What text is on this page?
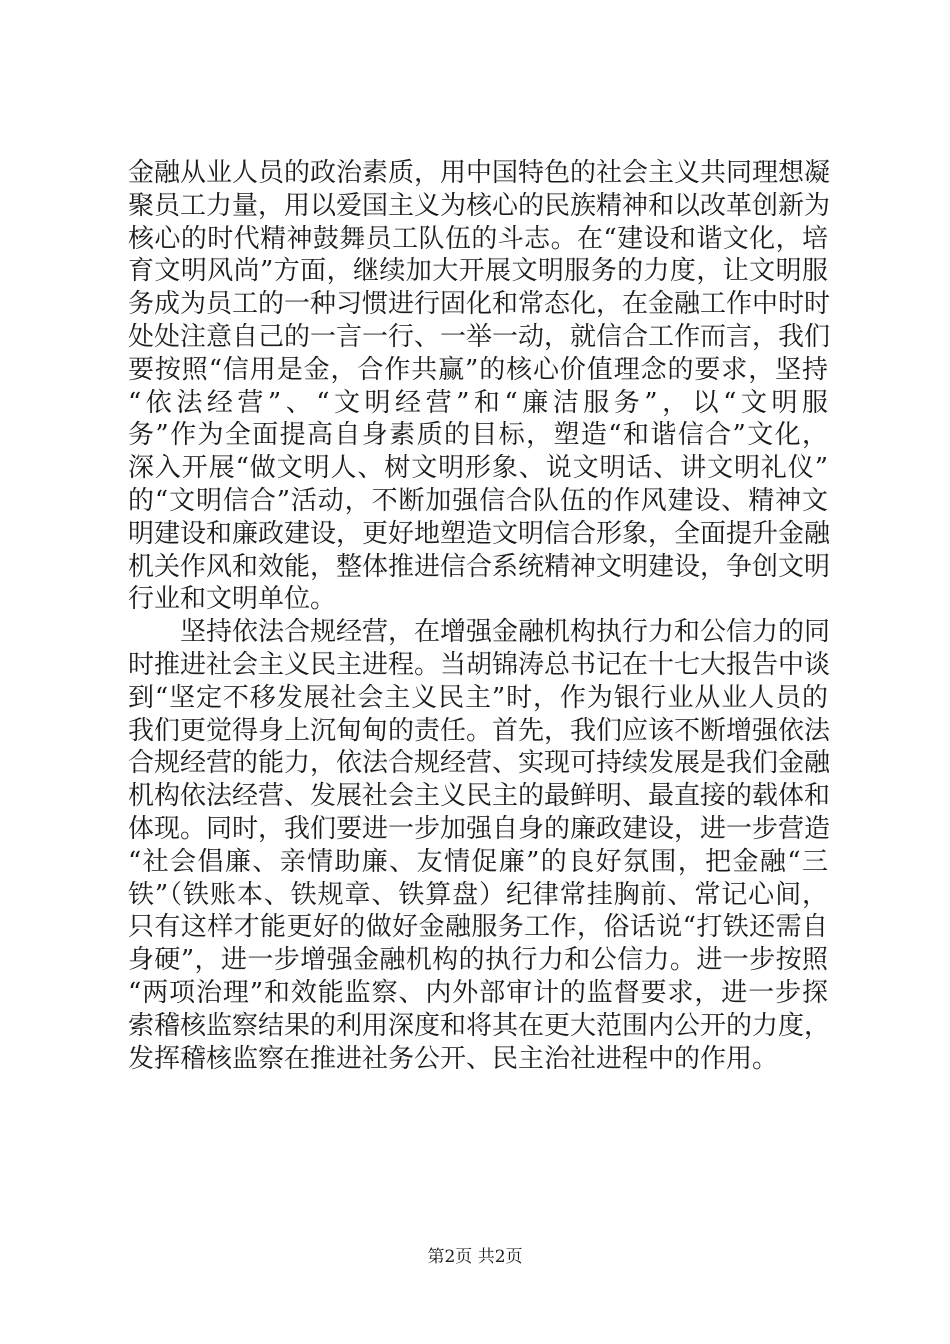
金融从业人员的政治素质，用中国特色的社会主义共同理想凝
聚员工力量，用以爱国主义为核心的民族精神和以改革创新为
核心的时代精神鼓舞员工队伍的斗志。在“建设和谐文化，培
育文明风尚”方面，继续加大开展文明服务的力度，让文明服
务成为员工的一种习惯进行固化和常态化，在金融工作中时时
处处注意自己的一言一行、一举一动，就信合工作而言，我们
要按照“信用是金，合作共赢”的核心价值理念的要求，坚持
“依法经营”、“文明经营”和“廉洁服务”，以“文明服
务”作为全面提高自身素质的目标，塑造“和谐信合”文化，
深入开展“做文明人、树文明形象、说文明话、讲文明礼仪”
的“文明信合”活动，不断加强信合队伍的作风建设、精神文
明建设和廉政建设，更好地塑造文明信合形象，全面提升金融
机关作风和效能，整体推进信合系统精神文明建设，争创文明
行业和文明单位。
坚持依法合规经营，在增强金融机构执行力和公信力的同
时推进社会主义民主进程。当胡锦涛总书记在十七大报告中谈
到“坚定不移发展社会主义民主”时，作为银行业从业人员的
我们更觉得身上沉甸甸的责任。首先，我们应该不断增强依法
合规经营的能力，依法合规经营、实现可持续发展是我们金融
机构依法经营、发展社会主义民主的最鲜明、最直接的载体和
体现。同时，我们要进一步加强自身的廉政建设，进一步营造
“社会倡廉、亲情助廉、友情促廉”的良好氛围，把金融“三
铁”（铁账本、铁规章、铁算盘）纪律常挂胸前、常记心间，
只有这样才能更好的做好金融服务工作，俗话说“打铁还需自
身硬”，进一步增强金融机构的执行力和公信力。进一步按照
“两项治理”和效能监察、内外部审计的监督要求，进一步探
索稽核监察结果的利用深度和将其在更大范围内公开的力度，
发挥稽核监察在推进社务公开、民主治社进程中的作用。
第2页 共2页
